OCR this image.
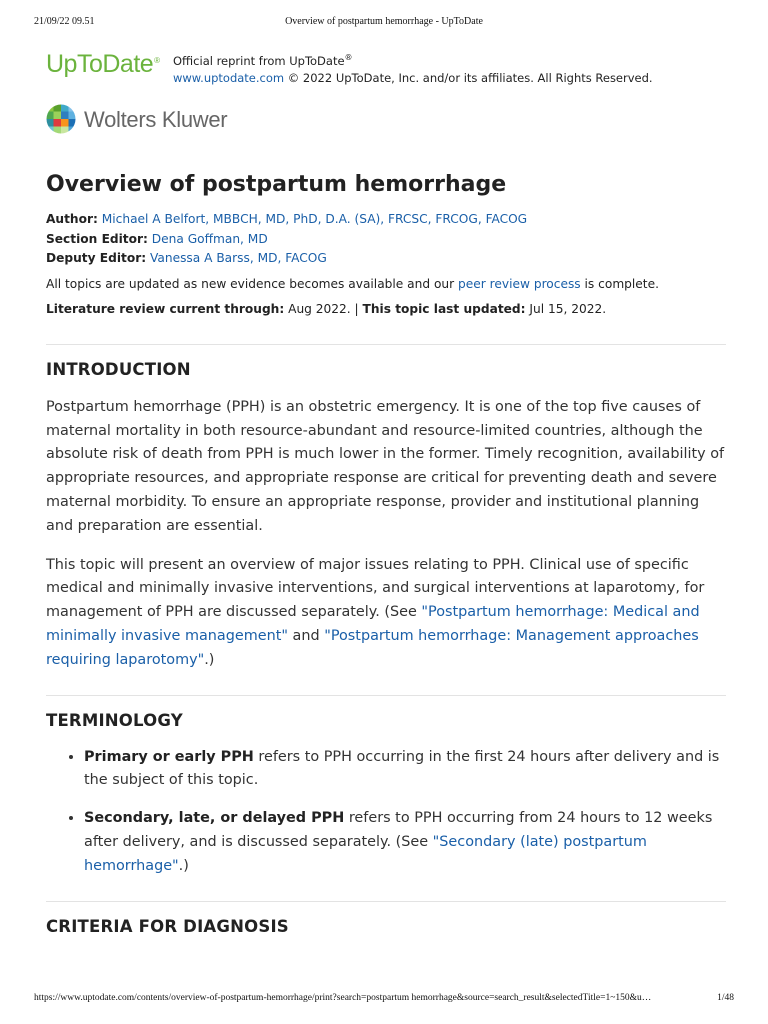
21/09/22 09.51	Overview of postpartum hemorrhage - UpToDate
UpToDate® Official reprint from UpToDate®
www.uptodate.com © 2022 UpToDate, Inc. and/or its affiliates. All Rights Reserved.
Wolters Kluwer
Overview of postpartum hemorrhage
Author: Michael A Belfort, MBBCH, MD, PhD, D.A. (SA), FRCSC, FRCOG, FACOG
Section Editor: Dena Goffman, MD
Deputy Editor: Vanessa A Barss, MD, FACOG
All topics are updated as new evidence becomes available and our peer review process is complete.
Literature review current through: Aug 2022. | This topic last updated: Jul 15, 2022.
INTRODUCTION

Postpartum hemorrhage (PPH) is an obstetric emergency. It is one of the top five causes of maternal mortality in both resource-abundant and resource-limited countries, although the absolute risk of death from PPH is much lower in the former. Timely recognition, availability of appropriate resources, and appropriate response are critical for preventing death and severe maternal morbidity. To ensure an appropriate response, provider and institutional planning and preparation are essential.

This topic will present an overview of major issues relating to PPH. Clinical use of specific medical and minimally invasive interventions, and surgical interventions at laparotomy, for management of PPH are discussed separately. (See "Postpartum hemorrhage: Medical and minimally invasive management" and "Postpartum hemorrhage: Management approaches requiring laparotomy".)

TERMINOLOGY
• Primary or early PPH refers to PPH occurring in the first 24 hours after delivery and is the subject of this topic.
• Secondary, late, or delayed PPH refers to PPH occurring from 24 hours to 12 weeks after delivery, and is discussed separately. (See "Secondary (late) postpartum hemorrhage".)
CRITERIA FOR DIAGNOSIS
https://www.uptodate.com/contents/overview-of-postpartum-hemorrhage/print?search=postpartum hemorrhage&source=search_result&selectedTitle=1~150&u…	1/48
